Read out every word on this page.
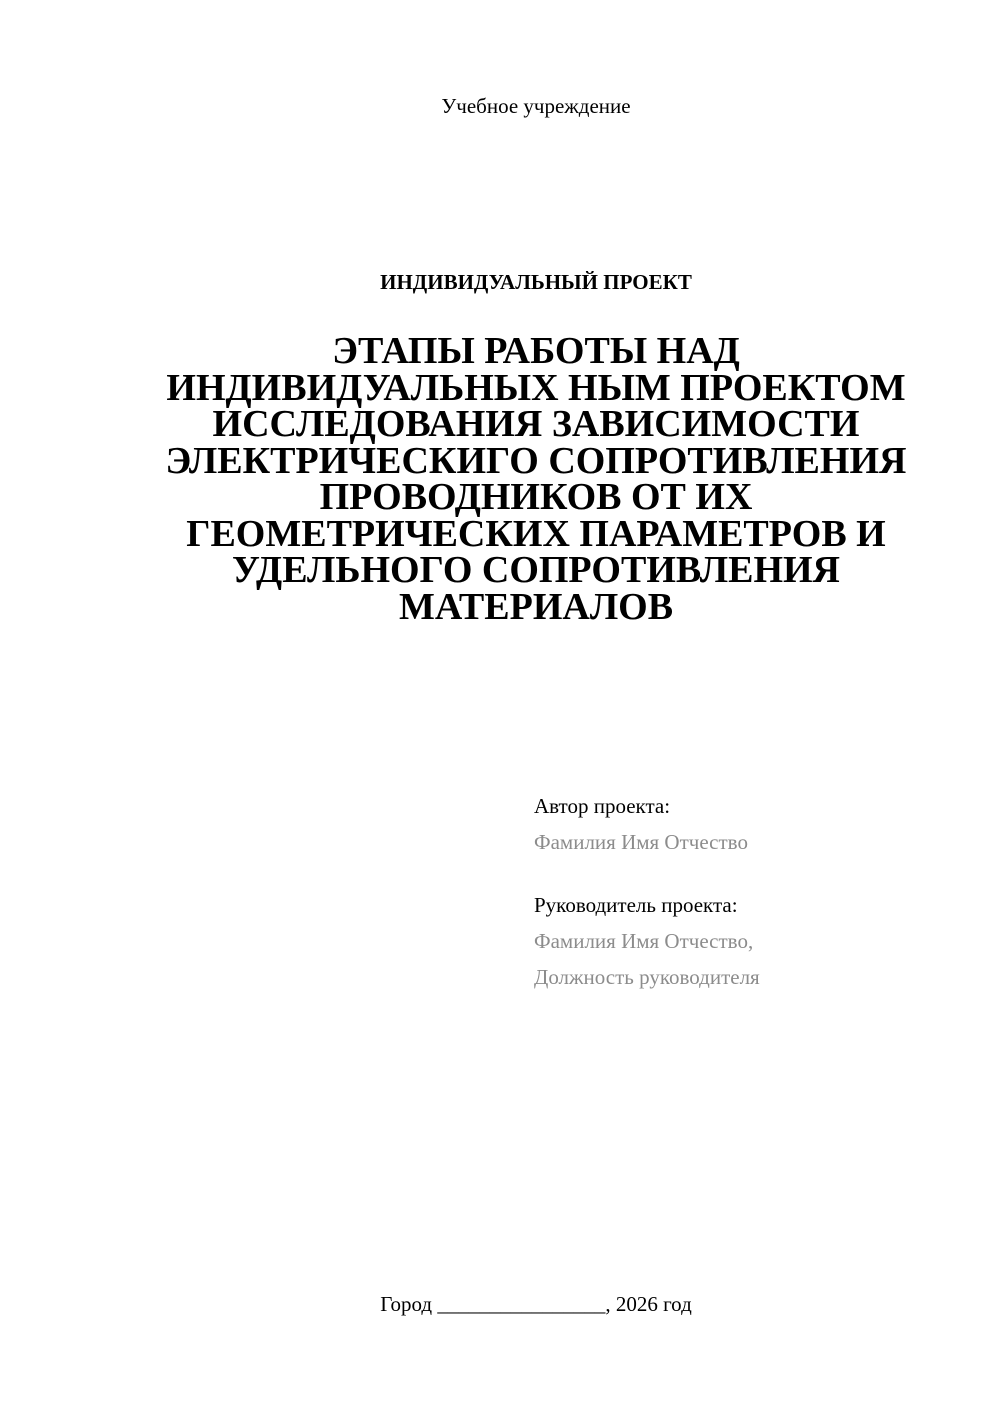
Учебное учреждение
ИНДИВИДУАЛЬНЫЙ ПРОЕКТ
ЭТАПЫ РАБОТЫ НАД
ИНДИВИДУАЛЬНЫХ НЫМ ПРОЕКТОМ
ИССЛЕДОВАНИЯ ЗАВИСИМОСТИ
ЭЛЕКТРИЧЕСКИГО СОПРОТИВЛЕНИЯ
ПРОВОДНИКОВ ОТ ИХ
ГЕОМЕТРИЧЕСКИХ ПАРАМЕТРОВ И
УДЕЛЬНОГО СОПРОТИВЛЕНИЯ
МАТЕРИАЛОВ
Автор проекта:
Фамилия Имя Отчество
Руководитель проекта:
Фамилия Имя Отчество,
Должность руководителя
Город ________________, 2026 год
